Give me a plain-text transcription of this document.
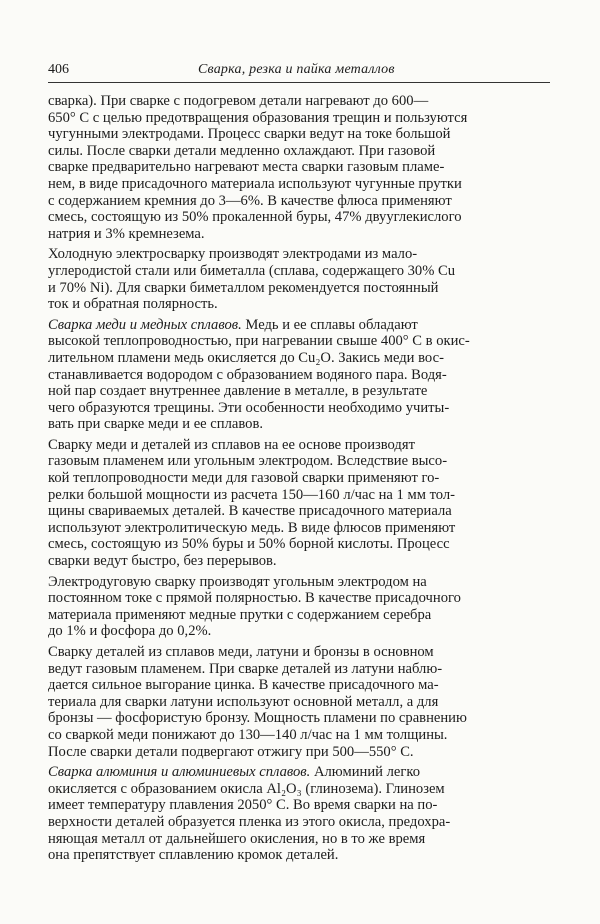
406	Сварка, резка и пайка металлов

сварка). При сварке с подогревом детали нагревают до 600—
650° С с целью предотвращения образования трещин и пользуются
чугунными электродами. Процесс сварки ведут на токе большой
силы. После сварки детали медленно охлаждают. При газовой
сварке предварительно нагревают места сварки газовым пламе-
нем, в виде присадочного материала используют чугунные прутки
с содержанием кремния до 3—6%. В качестве флюса применяют
смесь, состоящую из 50% прокаленной буры, 47% двууглекислого
натрия и 3% кремнезема.

Холодную электросварку производят электродами из мало-
углеродистой стали или биметалла (сплава, содержащего 30% Cu
и 70% Ni). Для сварки биметаллом рекомендуется постоянный
ток и обратная полярность.

Сварка меди и медных сплавов. Медь и ее сплавы обладают
высокой теплопроводностью, при нагревании свыше 400° С в окис-
лительном пламени медь окисляется до Cu₂O. Закись меди вос-
станавливается водородом с образованием водяного пара. Водя-
ной пар создает внутреннее давление в металле, в результате
чего образуются трещины. Эти особенности необходимо учиты-
вать при сварке меди и ее сплавов.

Сварку меди и деталей из сплавов на ее основе производят
газовым пламенем или угольным электродом. Вследствие высо-
кой теплопроводности меди для газовой сварки применяют го-
релки большой мощности из расчета 150—160 л/час на 1 мм тол-
щины свариваемых деталей. В качестве присадочного материала
используют электролитическую медь. В виде флюсов применяют
смесь, состоящую из 50% буры и 50% борной кислоты. Процесс
сварки ведут быстро, без перерывов.

Электродуговую сварку производят угольным электродом на
постоянном токе с прямой полярностью. В качестве присадочного
материала применяют медные прутки с содержанием серебра
до 1% и фосфора до 0,2%.

Сварку деталей из сплавов меди, латуни и бронзы в основном
ведут газовым пламенем. При сварке деталей из латуни наблю-
дается сильное выгорание цинка. В качестве присадочного ма-
териала для сварки латуни используют основной металл, а для
бронзы — фосфористую бронзу. Мощность пламени по сравнению
со сваркой меди понижают до 130—140 л/час на 1 мм толщины.
После сварки детали подвергают отжигу при 500—550° С.

Сварка алюминия и алюминиевых сплавов. Алюминий легко
окисляется с образованием окисла Al₂O₃ (глинозема). Глинозем
имеет температуру плавления 2050° С. Во время сварки на по-
верхности деталей образуется пленка из этого окисла, предохра-
няющая металл от дальнейшего окисления, но в то же время
она препятствует сплавлению кромок деталей.
